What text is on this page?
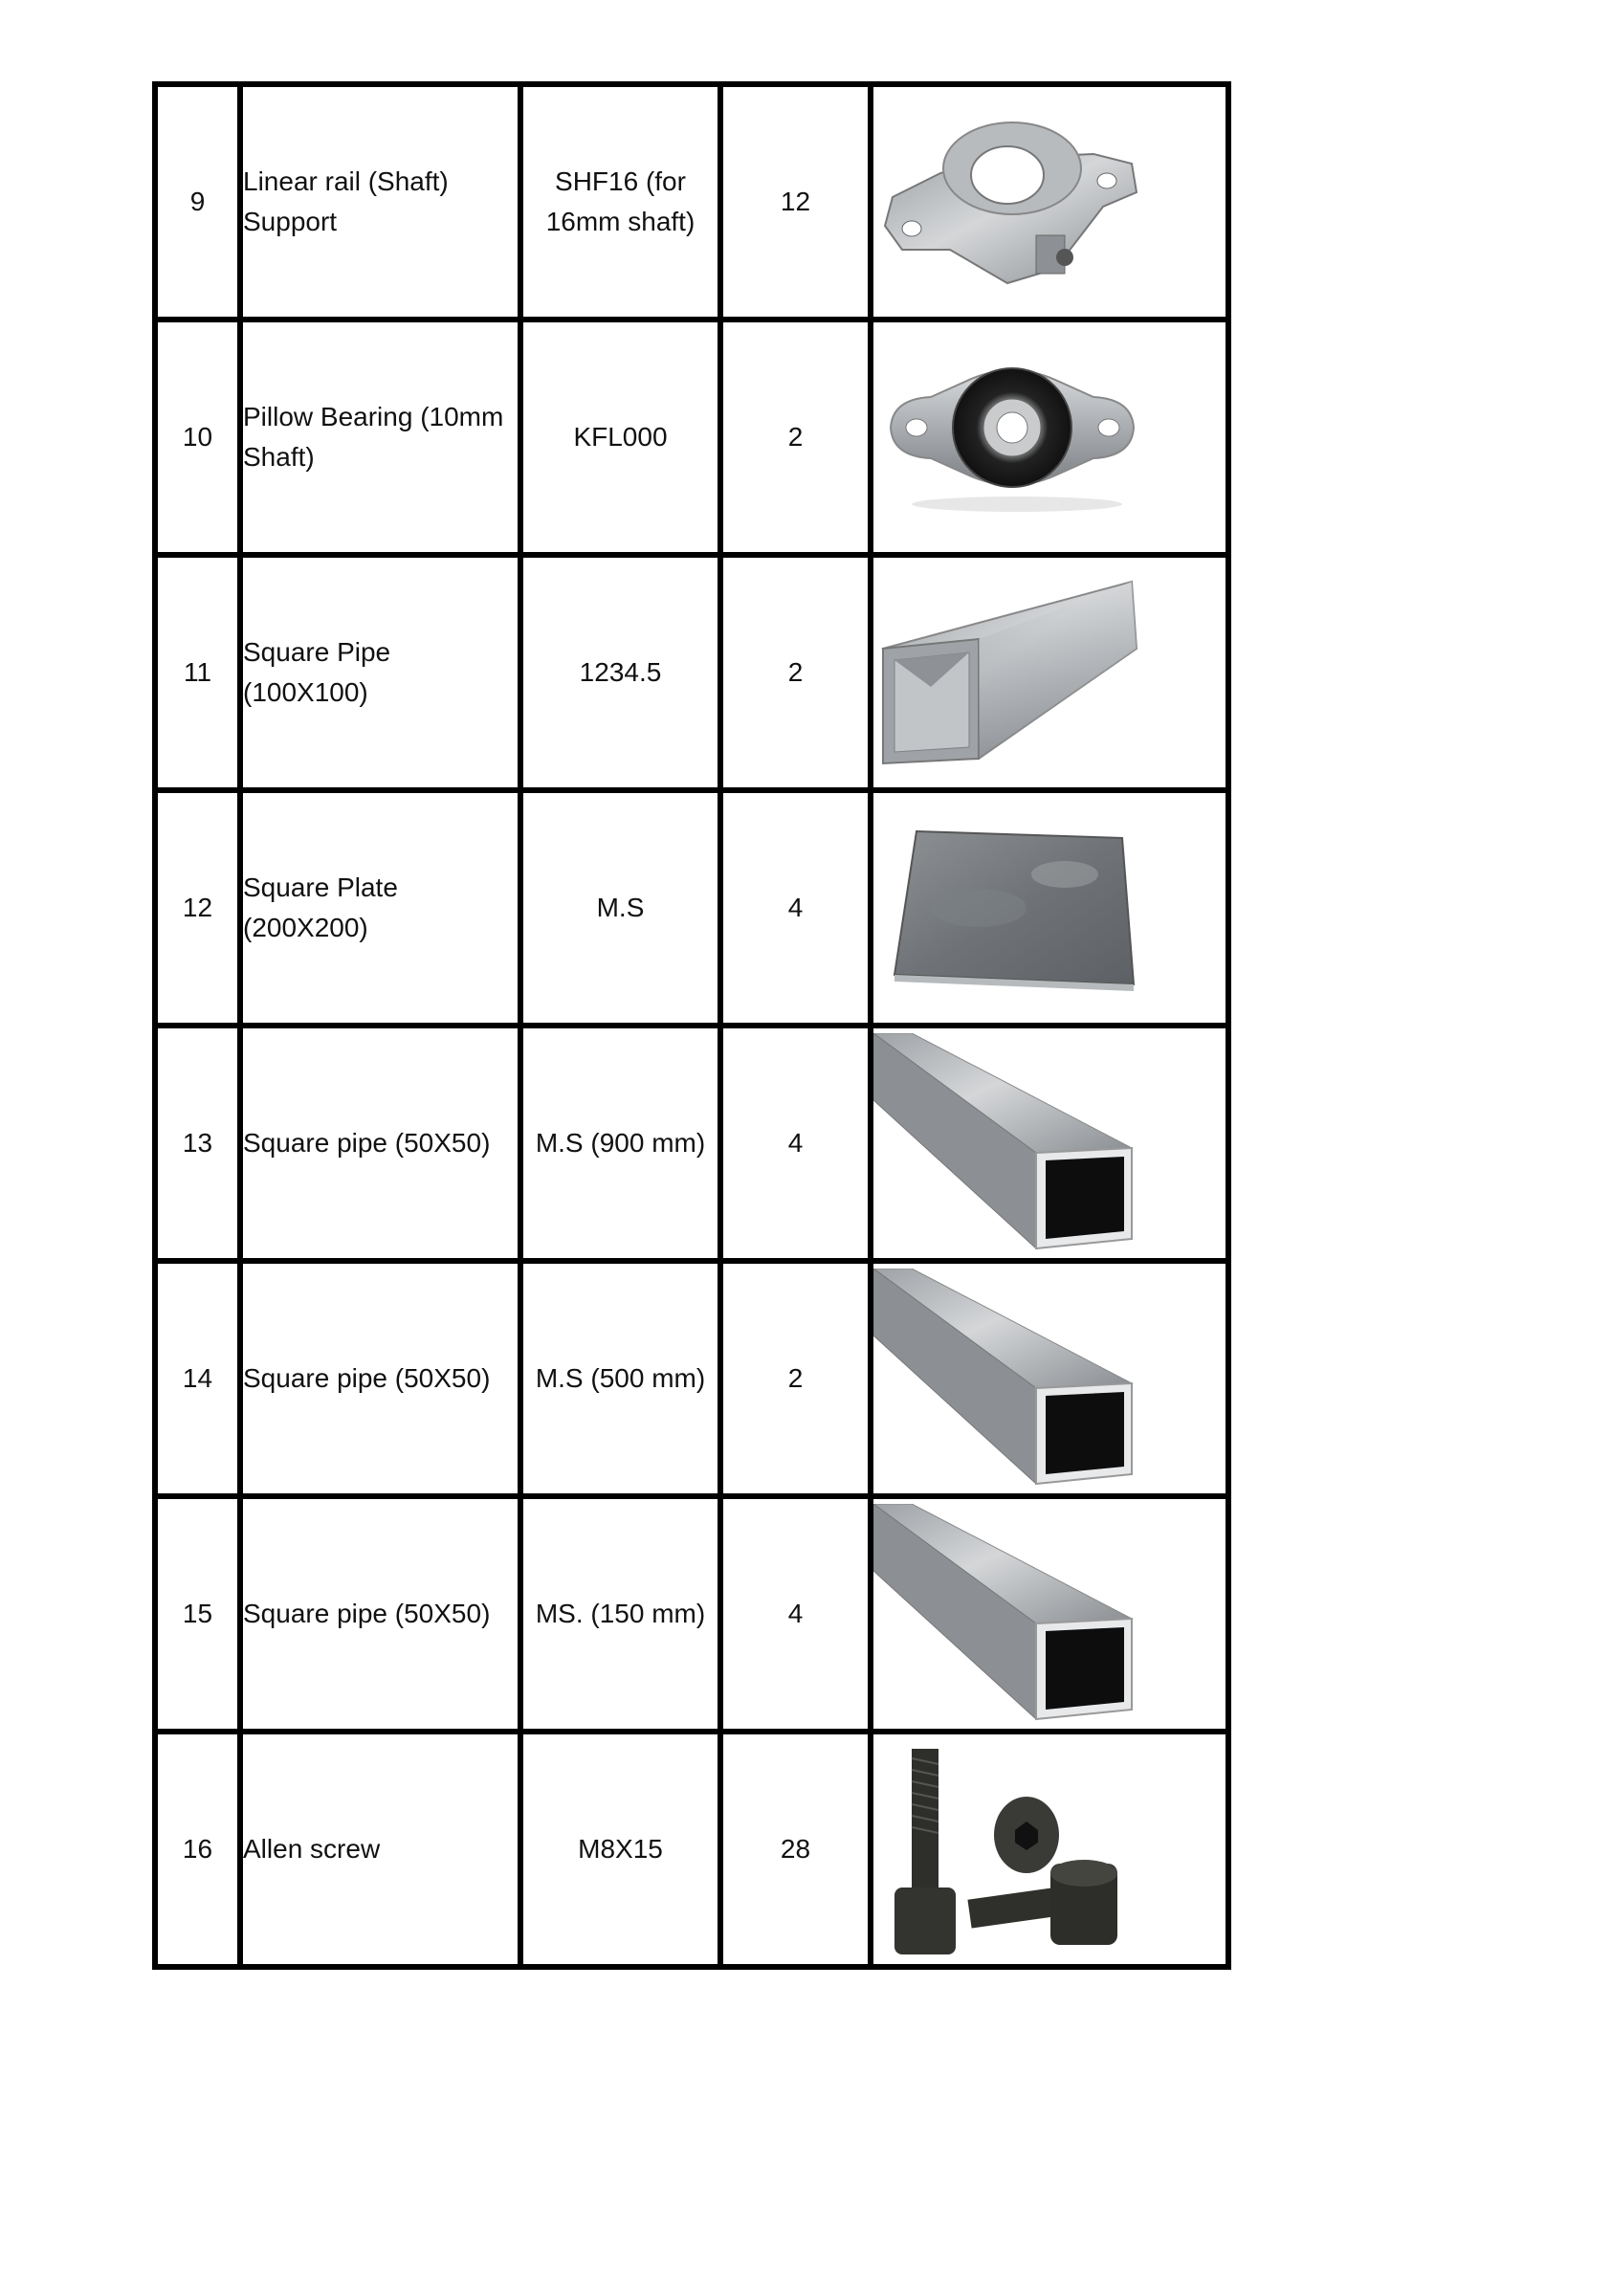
9	Linear rail (Shaft) Support	SHF16 (for 16mm shaft)	12	

10	Pillow Bearing (10mm Shaft)	KFL000	2	

11	Square Pipe (100X100)	1234.5	2	

12	Square Plate (200X200)	M.S	4	

13	Square pipe (50X50)	M.S (900 mm)	4	

14	Square pipe (50X50)	M.S (500 mm)	2	

15	Square pipe (50X50)	MS. (150 mm)	4	

16	Allen screw	M8X15	28	
